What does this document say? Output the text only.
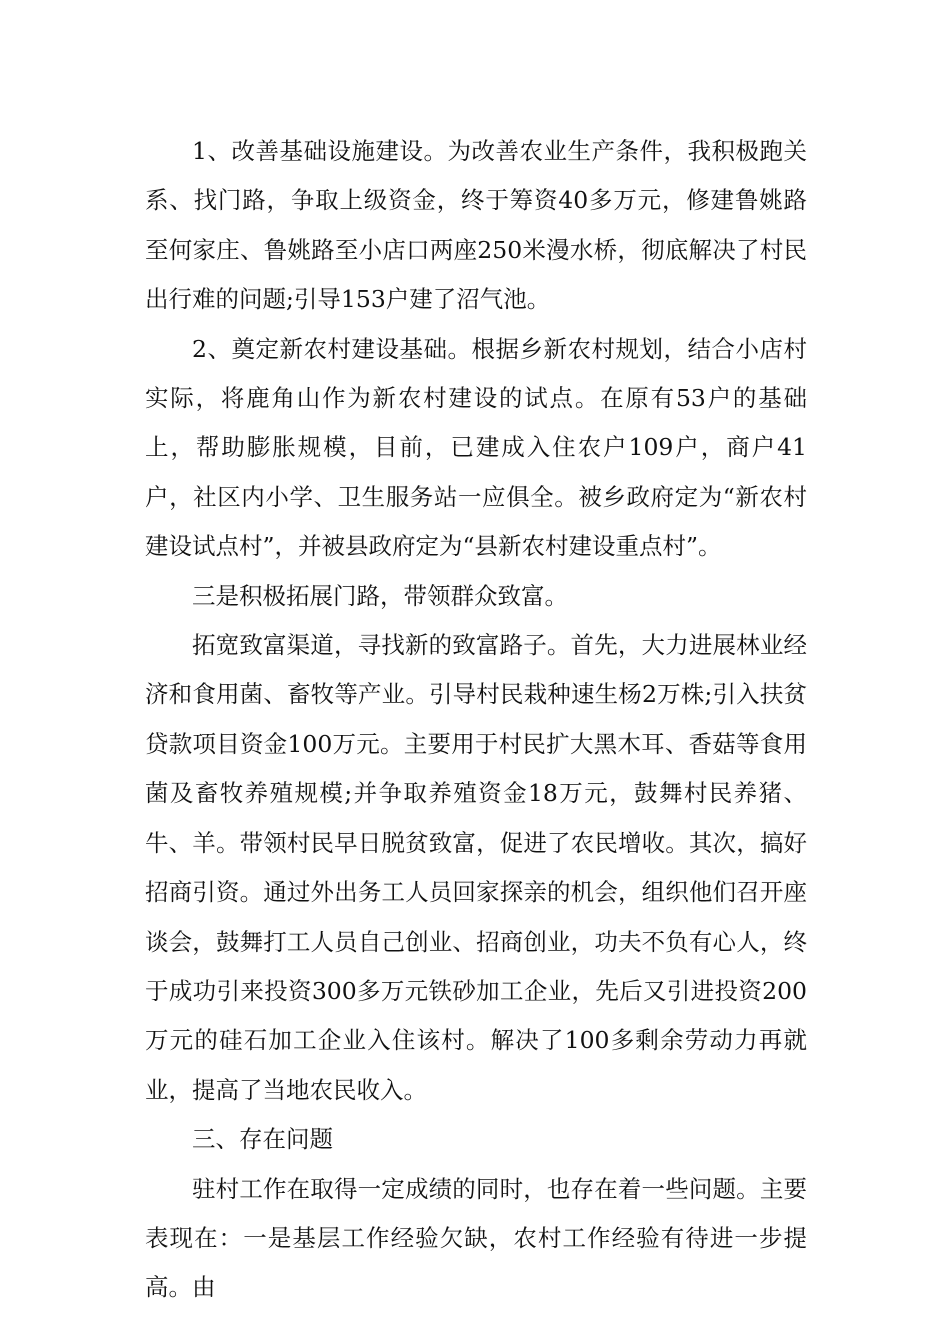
1、改善基础设施建设。为改善农业生产条件，我积极跑关系、找门路，争取上级资金，终于筹资40多万元，修建鲁姚路至何家庄、鲁姚路至小店口两座250米漫水桥，彻底解决了村民出行难的问题;引导153户建了沼气池。

2、奠定新农村建设基础。根据乡新农村规划，结合小店村实际，将鹿角山作为新农村建设的试点。在原有53户的基础上，帮助膨胀规模，目前，已建成入住农户109户，商户41户，社区内小学、卫生服务站一应俱全。被乡政府定为“新农村建设试点村”，并被县政府定为“县新农村建设重点村”。

三是积极拓展门路，带领群众致富。

拓宽致富渠道，寻找新的致富路子。首先，大力进展林业经济和食用菌、畜牧等产业。引导村民栽种速生杨2万株;引入扶贫贷款项目资金100万元。主要用于村民扩大黑木耳、香菇等食用菌及畜牧养殖规模;并争取养殖资金18万元，鼓舞村民养猪、牛、羊。带领村民早日脱贫致富，促进了农民增收。其次，搞好招商引资。通过外出务工人员回家探亲的机会，组织他们召开座谈会，鼓舞打工人员自己创业、招商创业，功夫不负有心人，终于成功引来投资300多万元铁砂加工企业，先后又引进投资200万元的硅石加工企业入住该村。解决了100多剩余劳动力再就业，提高了当地农民收入。

三、存在问题

驻村工作在取得一定成绩的同时，也存在着一些问题。主要表现在：一是基层工作经验欠缺，农村工作经验有待进一步提高。由
